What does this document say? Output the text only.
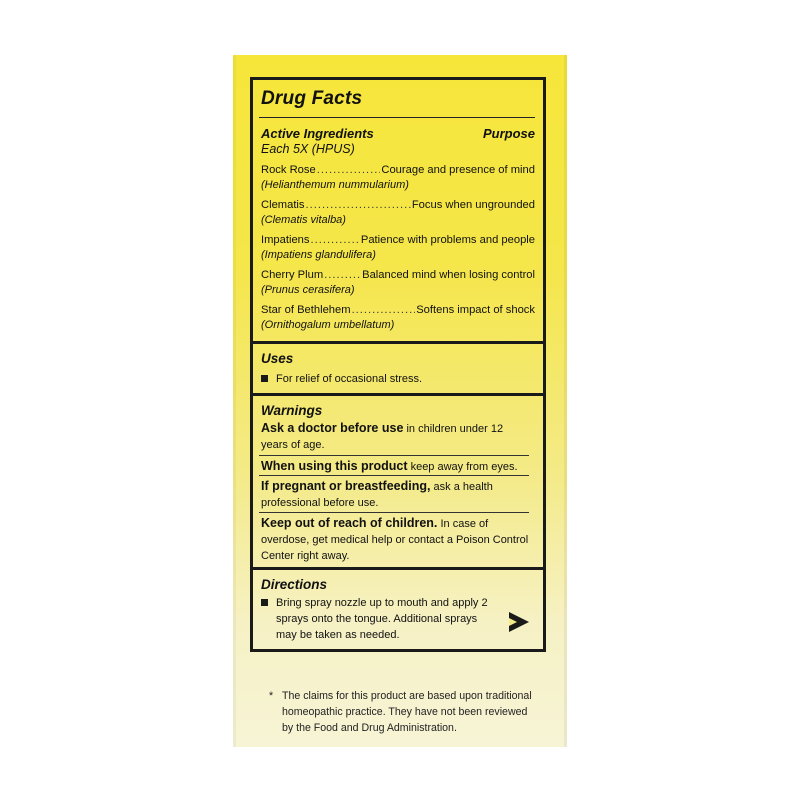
Drug Facts
Active Ingredients	Purpose
Each 5X (HPUS)
Rock Rose .....	Courage and presence of mind
(Helianthemum nummularium)
Clematis .....	Focus when ungrounded
(Clematis vitalba)
Impatiens .....	Patience with problems and people
(Impatiens glandulifera)
Cherry Plum .....	Balanced mind when losing control
(Prunus cerasifera)
Star of Bethlehem .....	Softens impact of shock
(Ornithogalum umbellatum)
Uses
For relief of occasional stress.
Warnings
Ask a doctor before use in children under 12 years of age.
When using this product keep away from eyes.
If pregnant or breastfeeding, ask a health professional before use.
Keep out of reach of children. In case of overdose, get medical help or contact a Poison Control Center right away.
Directions
Bring spray nozzle up to mouth and apply 2 sprays onto the tongue. Additional sprays may be taken as needed.
* The claims for this product are based upon traditional homeopathic practice. They have not been reviewed by the Food and Drug Administration.
